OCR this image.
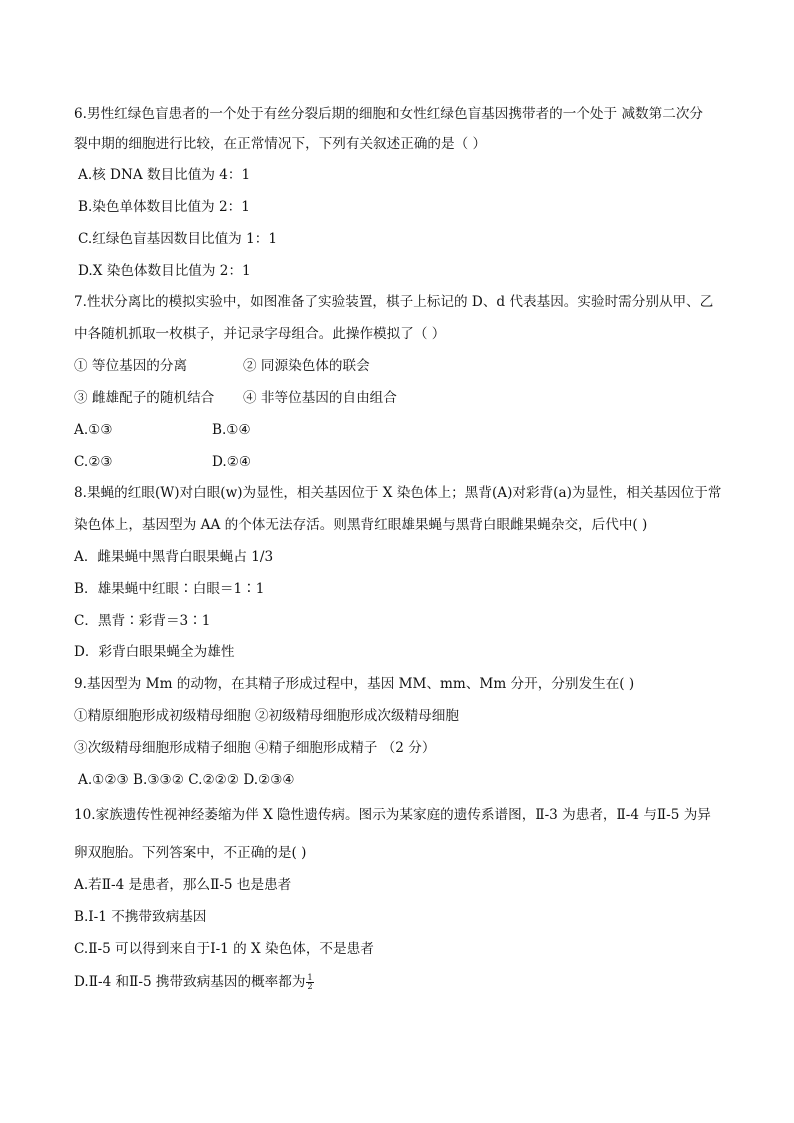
6.男性红绿色盲患者的一个处于有丝分裂后期的细胞和女性红绿色盲基因携带者的一个处于 减数第二次分
裂中期的细胞进行比较，在正常情况下，下列有关叙述正确的是（ ）
A.核 DNA 数目比值为 4：1
B.染色单体数目比值为 2：1
C.红绿色盲基因数目比值为 1：1
D.X 染色体数目比值为 2：1
7.性状分离比的模拟实验中，如图准备了实验装置，棋子上标记的 D、d 代表基因。实验时需分别从甲、乙
中各随机抓取一枚棋子，并记录字母组合。此操作模拟了（ ）
① 等位基因的分离	② 同源染色体的联会
③ 雌雄配子的随机结合 ④ 非等位基因的自由组合
A.①③	B.①④
C.②③	D.②④
8.果蝇的红眼(W)对白眼(w)为显性，相关基因位于 X 染色体上；黑背(A)对彩背(a)为显性，相关基因位于常
染色体上，基因型为 AA 的个体无法存活。则黑背红眼雄果蝇与黑背白眼雌果蝇杂交，后代中( )
A．雌果蝇中黑背白眼果蝇占 1/3
B．雄果蝇中红眼∶白眼＝1∶1
C．黑背∶彩背＝3∶1
D．彩背白眼果蝇全为雄性
9.基因型为 Mm 的动物，在其精子形成过程中，基因 MM、mm、Mm 分开，分别发生在( )
①精原细胞形成初级精母细胞 ②初级精母细胞形成次级精母细胞
③次级精母细胞形成精子细胞 ④精子细胞形成精子 （2 分）
A.①②③ B.③③② C.②②② D.②③④
10.家族遗传性视神经萎缩为伴 X 隐性遗传病。图示为某家庭的遗传系谱图，Ⅱ-3 为患者，Ⅱ-4 与Ⅱ-5 为异
卵双胞胎。下列答案中，不正确的是( )
A.若Ⅱ-4 是患者，那么Ⅱ-5 也是患者
B.Ⅰ-1 不携带致病基因
C.Ⅱ-5 可以得到来自于Ⅰ-1 的 X 染色体，不是患者
D.Ⅱ-4 和Ⅱ-5 携带致病基因的概率都为 $\frac{1}{2}$
